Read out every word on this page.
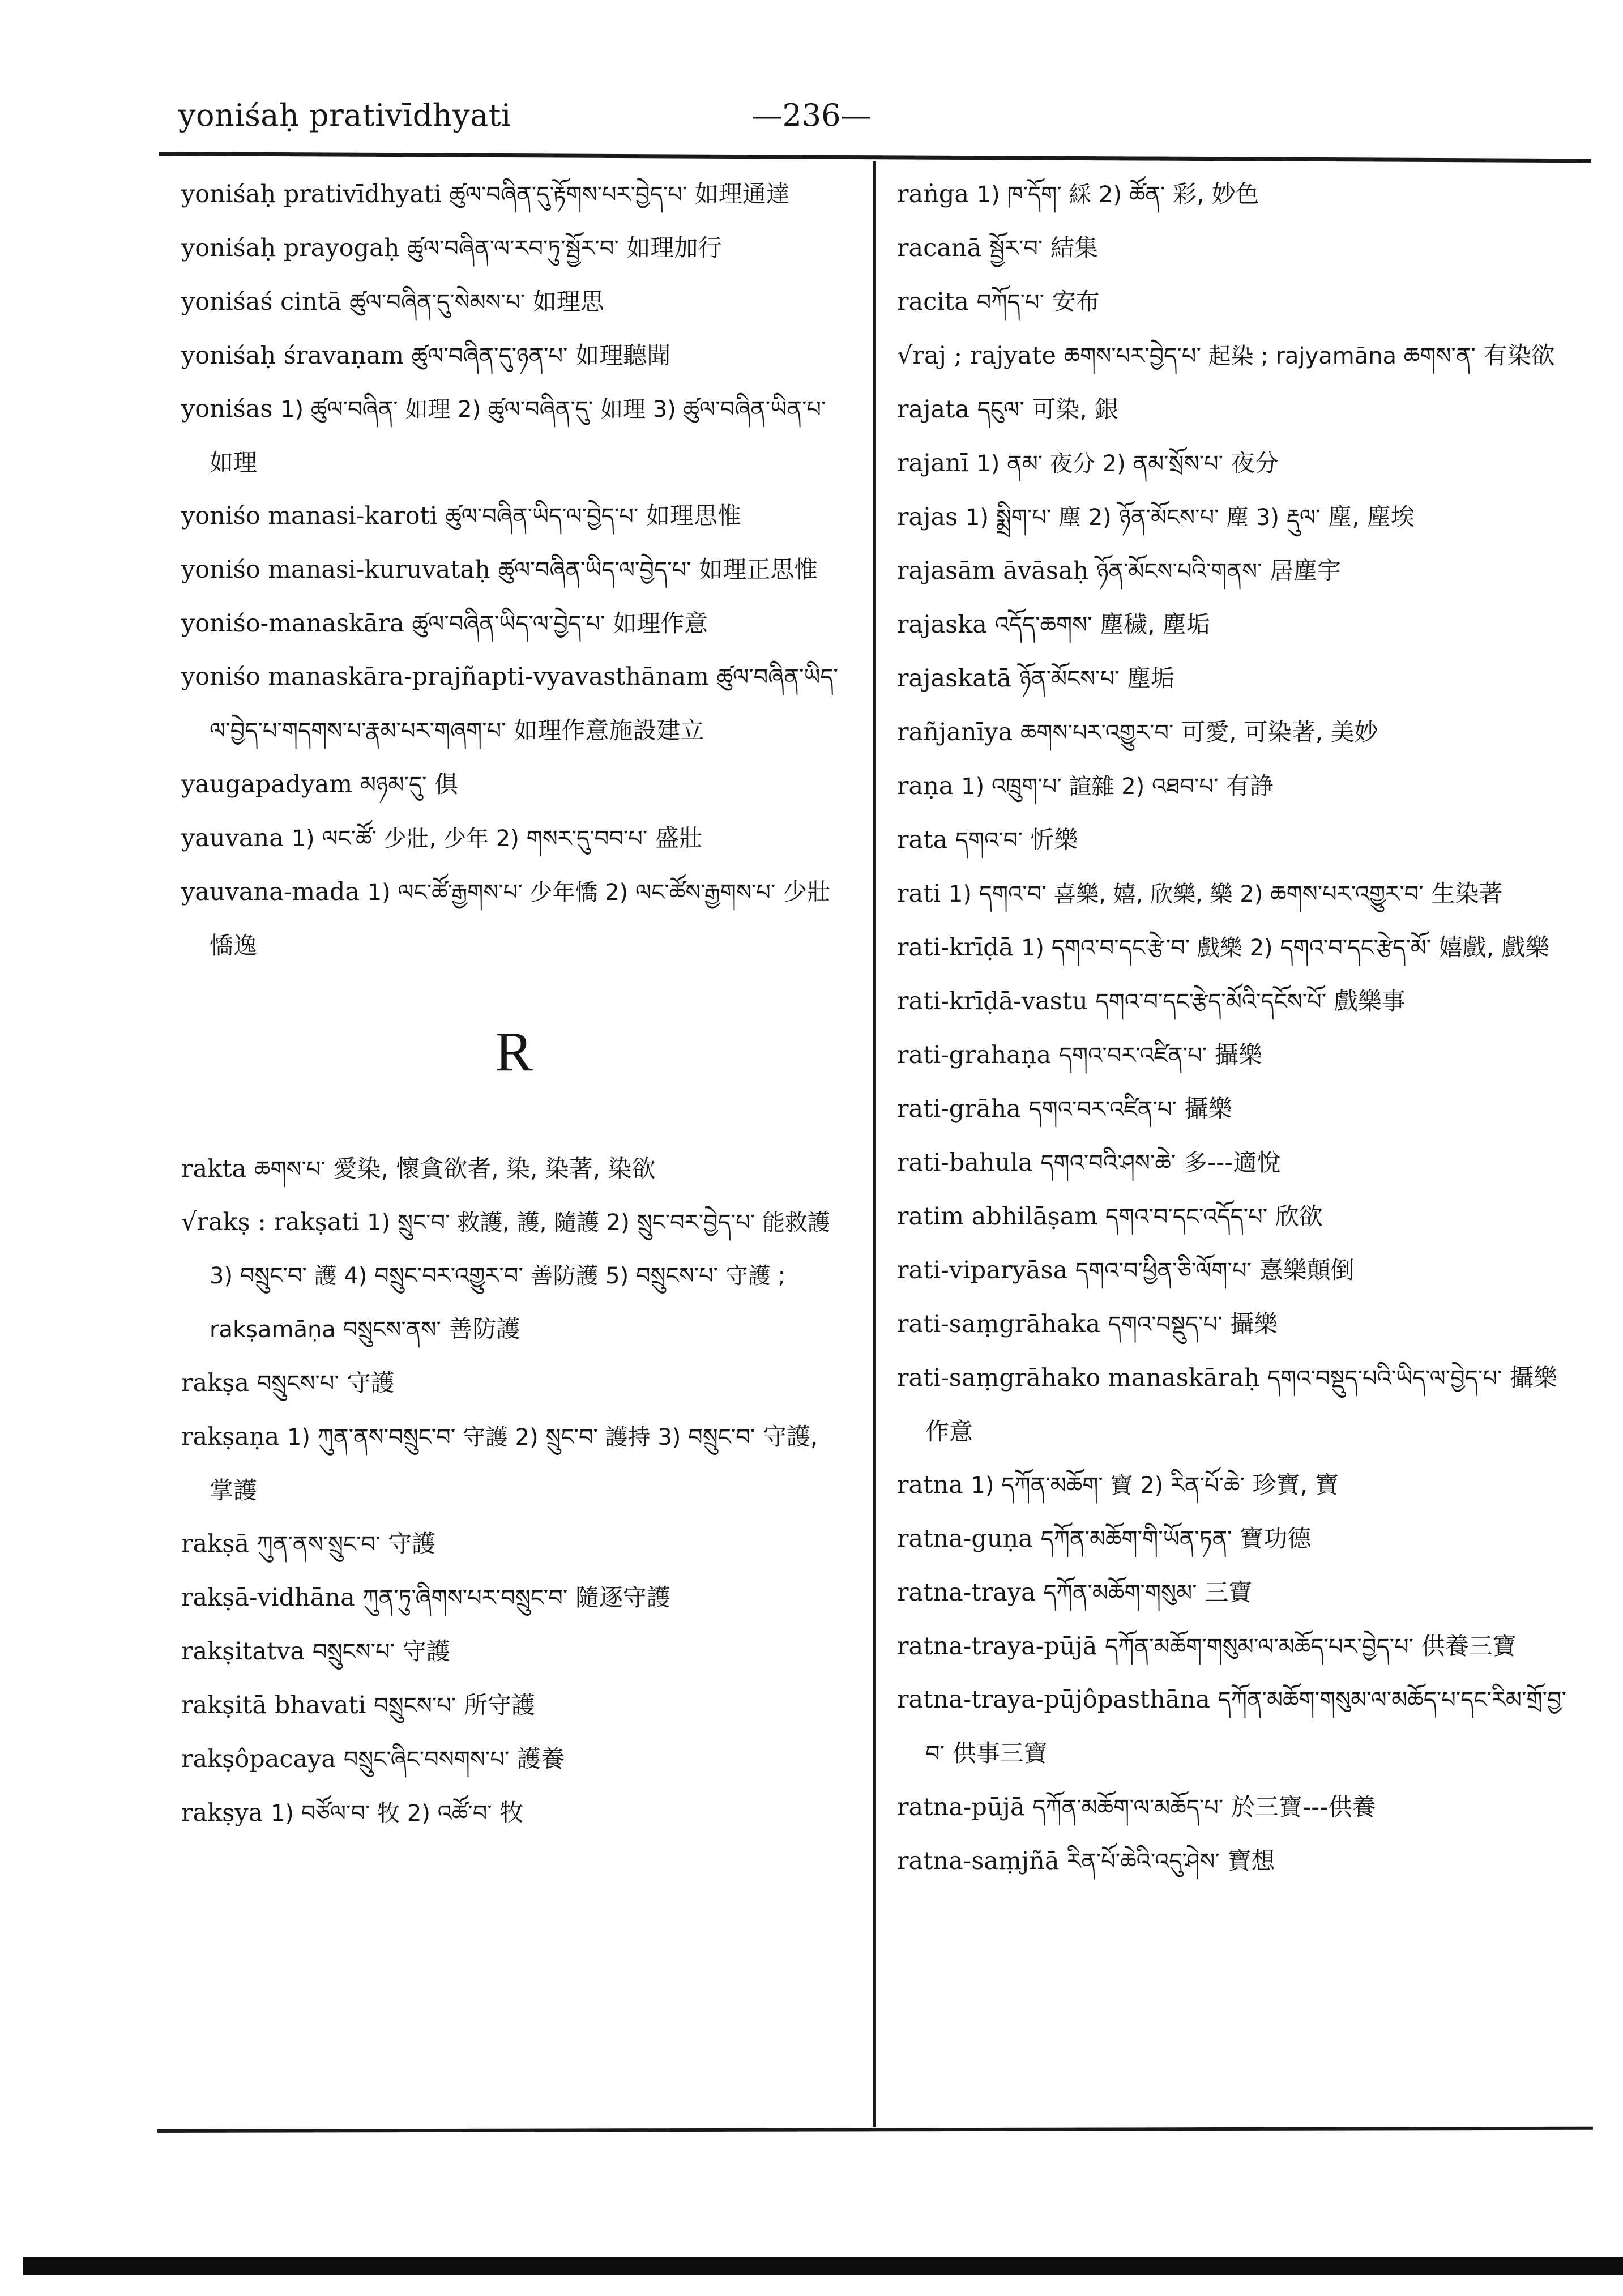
yoniśaḥ prativīdhyati	—236—
yoniśaḥ prativīdhyati ཚུལ་བཞིན་དུ་རྟོགས་པར་བྱེད་པ་ 如理通達
yoniśaḥ prayogaḥ ཚུལ་བཞིན་ལ་རབ་ཏུ་སྦྱོར་བ་ 如理加行
yoniśaś cintā ཚུལ་བཞིན་དུ་སེམས་པ་ 如理思
yoniśaḥ śravaṇam ཚུལ་བཞིན་དུ་ཉན་པ་ 如理聽聞
yoniśas 1) ཚུལ་བཞིན་ 如理 2) ཚུལ་བཞིན་དུ་ 如理 3) ཚུལ་བཞིན་ཡིན་པ་ 如理
yoniśo manasi-karoti ཚུལ་བཞིན་ཡིད་ལ་བྱེད་པ་ 如理思惟
yoniśo manasi-kuruvataḥ ཚུལ་བཞིན་ཡིད་ལ་བྱེད་པ་ 如理正思惟
yoniśo-manaskāra ཚུལ་བཞིན་ཡིད་ལ་བྱེད་པ་ 如理作意
yoniśo manaskāra-prajñapti-vyavasthānam ཚུལ་བཞིན་ཡིད་ལ་བྱེད་པ་གདགས་པ་རྣམ་པར་གཞག་པ་ 如理作意施設建立
yaugapadyam མཉམ་དུ་ 俱
yauvana 1) ལང་ཚོ་ 少壯, 少年 2) གསར་དུ་བབ་པ་ 盛壯
yauvana-mada 1) ལང་ཚོ་རྒྱགས་པ་ 少年憍 2) ལང་ཚོས་རྒྱགས་པ་ 少壯憍逸
R
rakta ཆགས་པ་ 愛染, 懷貪欲者, 染, 染著, 染欲
√rakṣ : rakṣati 1) སྲུང་བ་ 救護, 護, 隨護 2) སྲུང་བར་བྱེད་པ་ 能救護 3) བསྲུང་བ་ 護 4) བསྲུང་བར་འགྱུར་བ་ 善防護 5) བསྲུངས་པ་ 守護 ; rakṣamāṇa བསྲུངས་ནས་ 善防護
rakṣa བསྲུངས་པ་ 守護
rakṣaṇa 1) ཀུན་ནས་བསྲུང་བ་ 守護 2) སྲུང་བ་ 護持 3) བསྲུང་བ་ 守護, 掌護
rakṣā ཀུན་ནས་སྲུང་བ་ 守護
rakṣā-vidhāna ཀུན་ཏུ་ཞིགས་པར་བསྲུང་བ་ 隨逐守護
rakṣitatva བསྲུངས་པ་ 守護
rakṣitā bhavati བསྲུངས་པ་ 所守護
rakṣôpacaya བསྲུང་ཞིང་བསགས་པ་ 護養
rakṣya 1) བཙོལ་བ་ 牧 2) འཚོ་བ་ 牧
raṅga 1) ཁ་དོག་ 綵 2) ཚོན་ 彩, 妙色
racanā སྦྱོར་བ་ 結集
racita བཀོད་པ་ 安布
√raj ; rajyate ཆགས་པར་བྱེད་པ་ 起染 ; rajyamāna ཆགས་ན་ 有染欲
rajata དངུལ་ 可染, 銀
rajanī 1) ནམ་ 夜分 2) ནམ་སྲོས་པ་ 夜分
rajas 1) སྨྲིག་པ་ 塵 2) ཉོན་མོངས་པ་ 塵 3) རྡུལ་ 塵, 塵埃
rajasām āvāsaḥ ཉོན་མོངས་པའི་གནས་ 居塵宇
rajaska འདོད་ཆགས་ 塵穢, 塵垢
rajaskatā ཉོན་མོངས་པ་ 塵垢
rañjanīya ཆགས་པར་འགྱུར་བ་ 可愛, 可染著, 美妙
raṇa 1) འཁྲུག་པ་ 諠雜 2) འཐབ་པ་ 有諍
rata དགའ་བ་ 忻樂
rati 1) དགའ་བ་ 喜樂, 嬉, 欣樂, 樂 2) ཆགས་པར་འགྱུར་བ་ 生染著
rati-krīḍā 1) དགའ་བ་དང་རྩེ་བ་ 戲樂 2) དགའ་བ་དང་རྩེད་མོ་ 嬉戲, 戲樂
rati-krīḍā-vastu དགའ་བ་དང་རྩེད་མོའི་དངོས་པོ་ 戲樂事
rati-grahaṇa དགའ་བར་འཛིན་པ་ 攝樂
rati-grāha དགའ་བར་འཛིན་པ་ 攝樂
rati-bahula དགའ་བའི་ཤས་ཆེ་ 多---適悅
ratim abhilāṣam དགའ་བ་དང་འདོད་པ་ 欣欲
rati-viparyāsa དགའ་བ་ཕྱིན་ཅི་ལོག་པ་ 憙樂顛倒
rati-saṃgrāhaka དགའ་བསྡུད་པ་ 攝樂
rati-saṃgrāhako manaskāraḥ དགའ་བསྡུད་པའི་ཡིད་ལ་བྱེད་པ་ 攝樂作意
ratna 1) དཀོན་མཆོག་ 寶 2) རིན་པོ་ཆེ་ 珍寶, 寶
ratna-guṇa དཀོན་མཆོག་གི་ཡོན་ཏན་ 寶功德
ratna-traya དཀོན་མཆོག་གསུམ་ 三寶
ratna-traya-pūjā དཀོན་མཆོག་གསུམ་ལ་མཆོད་པར་བྱེད་པ་ 供養三寶
ratna-traya-pūjôpasthāna དཀོན་མཆོག་གསུམ་ལ་མཆོད་པ་དང་རིམ་གྲོ་བྱ་བ་ 供事三寶
ratna-pūjā དཀོན་མཆོག་ལ་མཆོད་པ་ 於三寶---供養
ratna-saṃjñā རིན་པོ་ཆེའི་འདུ་ཤེས་ 寶想
